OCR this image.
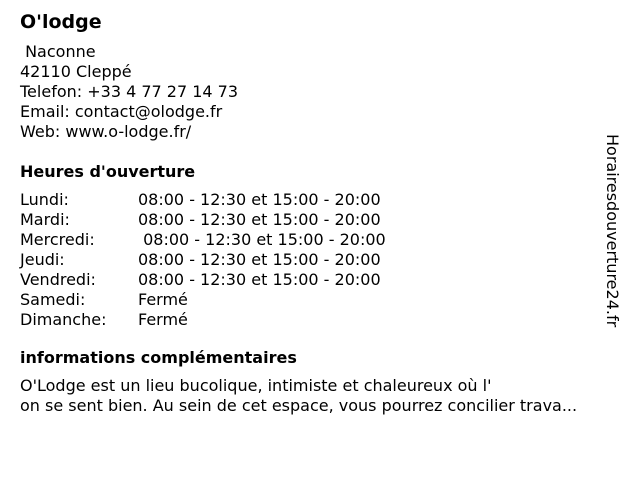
O'lodge
Naconne
42110 Cleppé
Telefon: +33 4 77 27 14 73
Email: contact@olodge.fr
Web: www.o-lodge.fr/
Heures d'ouverture
Lundi:	08:00 - 12:30 et 15:00 - 20:00
Mardi:	08:00 - 12:30 et 15:00 - 20:00
Mercredi:	08:00 - 12:30 et 15:00 - 20:00
Jeudi:	08:00 - 12:30 et 15:00 - 20:00
Vendredi:	08:00 - 12:30 et 15:00 - 20:00
Samedi:	Fermé
Dimanche:	Fermé
informations complémentaires
O'Lodge est un lieu bucolique, intimiste et chaleureux où l'
on se sent bien. Au sein de cet espace, vous pourrez concilier trava...
Horairesdouverture24.fr
